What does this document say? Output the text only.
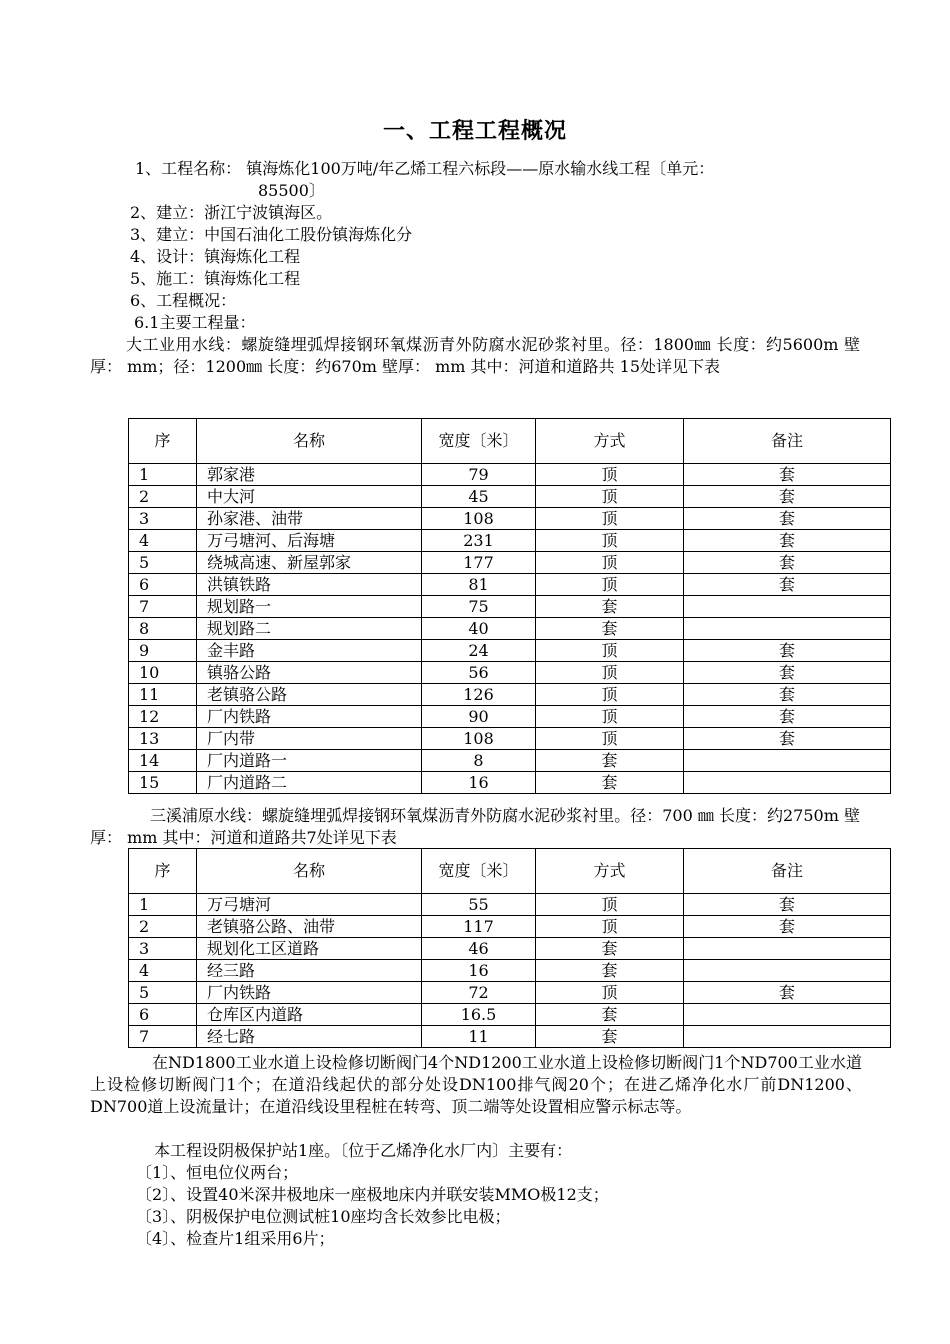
一、工程工程概况
1、工程名称： 镇海炼化100万吨/年乙烯工程六标段——原水输水线工程〔单元：
85500〕
2、建立：浙江宁波镇海区。
3、建立：中国石油化工股份镇海炼化分
4、设计：镇海炼化工程
5、施工：镇海炼化工程
6、工程概况：
6.1主要工程量：
大工业用水线：螺旋缝埋弧焊接钢环氧煤沥青外防腐水泥砂浆衬里。径：1800㎜ 长度：约5600m 壁厚： mm；径：1200㎜ 长度：约670m 壁厚： mm 其中：河道和道路共 15处详见下表
序	名称	宽度〔米〕	方式	备注
1	郭家港	79	顶	套
2	中大河	45	顶	套
3	孙家港、油带	108	顶	套
4	万弓塘河、后海塘	231	顶	套
5	绕城高速、新屋郭家	177	顶	套
6	洪镇铁路	81	顶	套
7	规划路一	75	套	
8	规划路二	40	套	
9	金丰路	24	顶	套
10	镇骆公路	56	顶	套
11	老镇骆公路	126	顶	套
12	厂内铁路	90	顶	套
13	厂内带	108	顶	套
14	厂内道路一	8	套	
15	厂内道路二	16	套	
三溪浦原水线：螺旋缝埋弧焊接钢环氧煤沥青外防腐水泥砂浆衬里。径：700 ㎜ 长度：约2750m 壁厚： mm 其中：河道和道路共7处详见下表
序	名称	宽度〔米〕	方式	备注
1	万弓塘河	55	顶	套
2	老镇骆公路、油带	117	顶	套
3	规划化工区道路	46	套	
4	经三路	16	套	
5	厂内铁路	72	顶	套
6	仓库区内道路	16.5	套	
7	经七路	11	套	
在ND1800工业水道上设检修切断阀门4个ND1200工业水道上设检修切断阀门1个ND700工业水道上设检修切断阀门1个；在道沿线起伏的部分处设DN100排气阀20个；在进乙烯净化水厂前DN1200、DN700道上设流量计；在道沿线设里程桩在转弯、顶二端等处设置相应警示标志等。
本工程设阴极保护站1座。〔位于乙烯净化水厂内〕主要有：
〔1〕、恒电位仪两台；
〔2〕、设置40米深井极地床一座极地床内并联安装MMO极12支；
〔3〕、阴极保护电位测试桩10座均含长效参比电极；
〔4〕、检查片1组采用6片；
